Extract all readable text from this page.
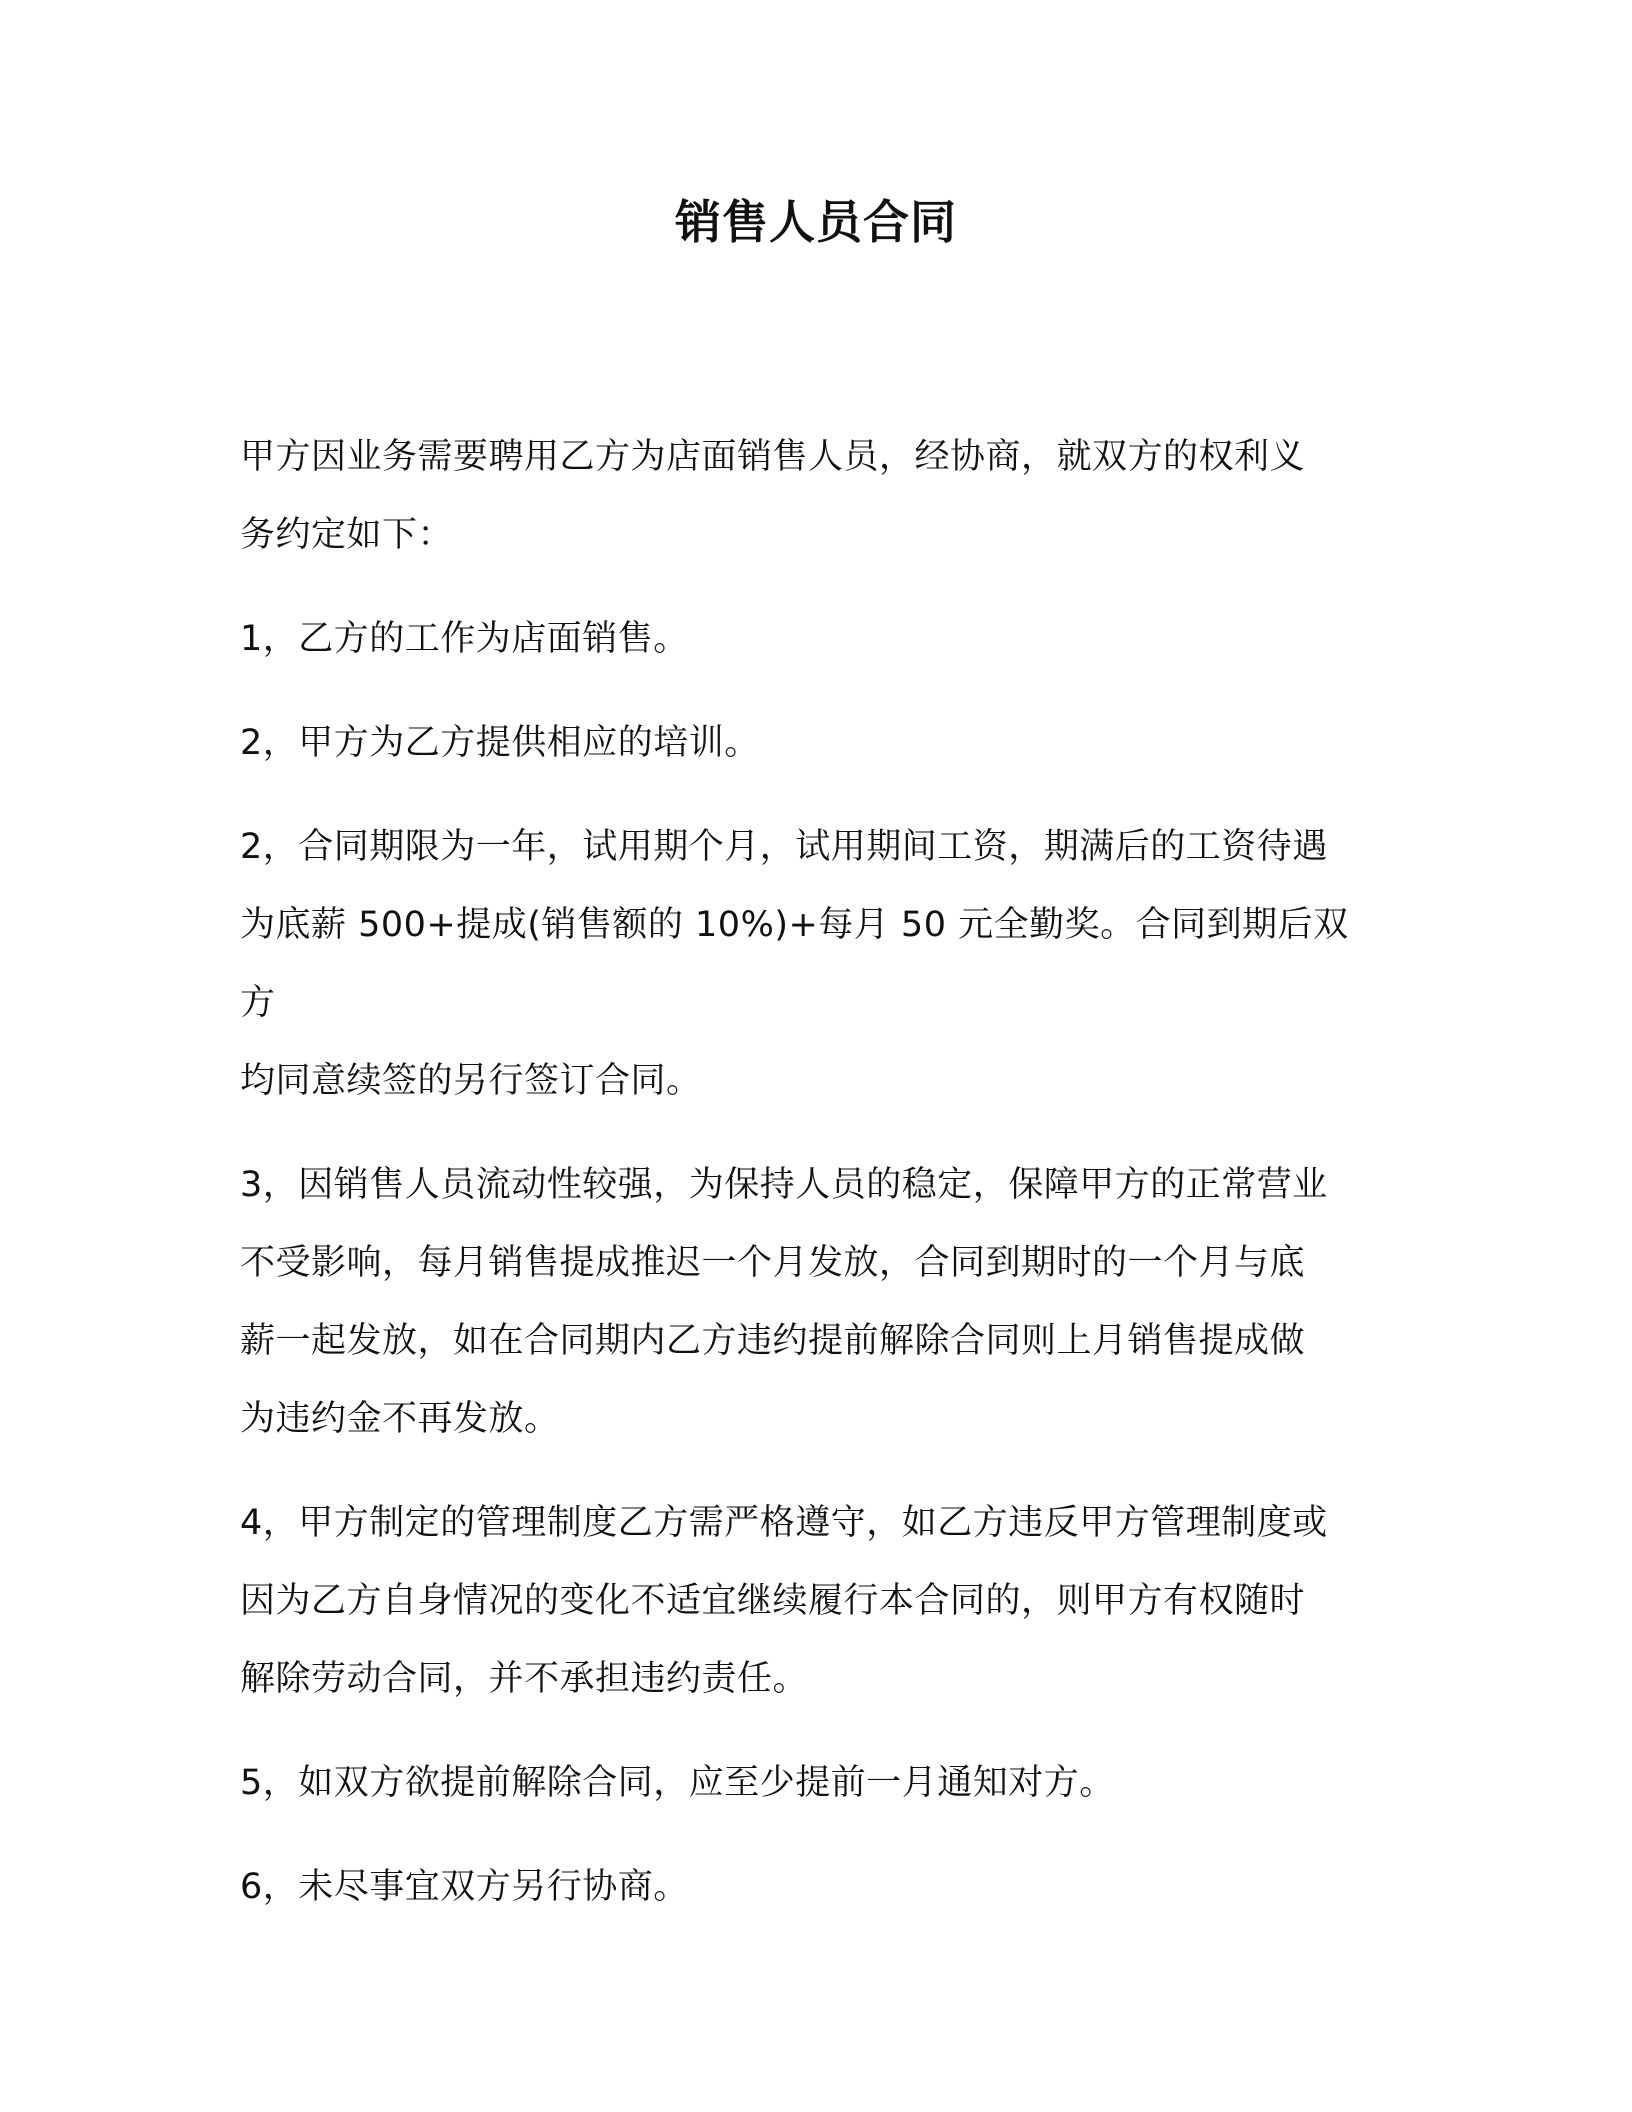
销售人员合同

甲方因业务需要聘用乙方为店面销售人员，经协商，就双方的权利义
务约定如下：

1，乙方的工作为店面销售。

2，甲方为乙方提供相应的培训。

2，合同期限为一年，试用期个月，试用期间工资，期满后的工资待遇
为底薪 500+提成(销售额的 10%)+每月 50 元全勤奖。合同到期后双方
均同意续签的另行签订合同。

3，因销售人员流动性较强，为保持人员的稳定，保障甲方的正常营业
不受影响，每月销售提成推迟一个月发放，合同到期时的一个月与底
薪一起发放，如在合同期内乙方违约提前解除合同则上月销售提成做
为违约金不再发放。

4，甲方制定的管理制度乙方需严格遵守，如乙方违反甲方管理制度或
因为乙方自身情况的变化不适宜继续履行本合同的，则甲方有权随时
解除劳动合同，并不承担违约责任。

5，如双方欲提前解除合同，应至少提前一月通知对方。

6，未尽事宜双方另行协商。
